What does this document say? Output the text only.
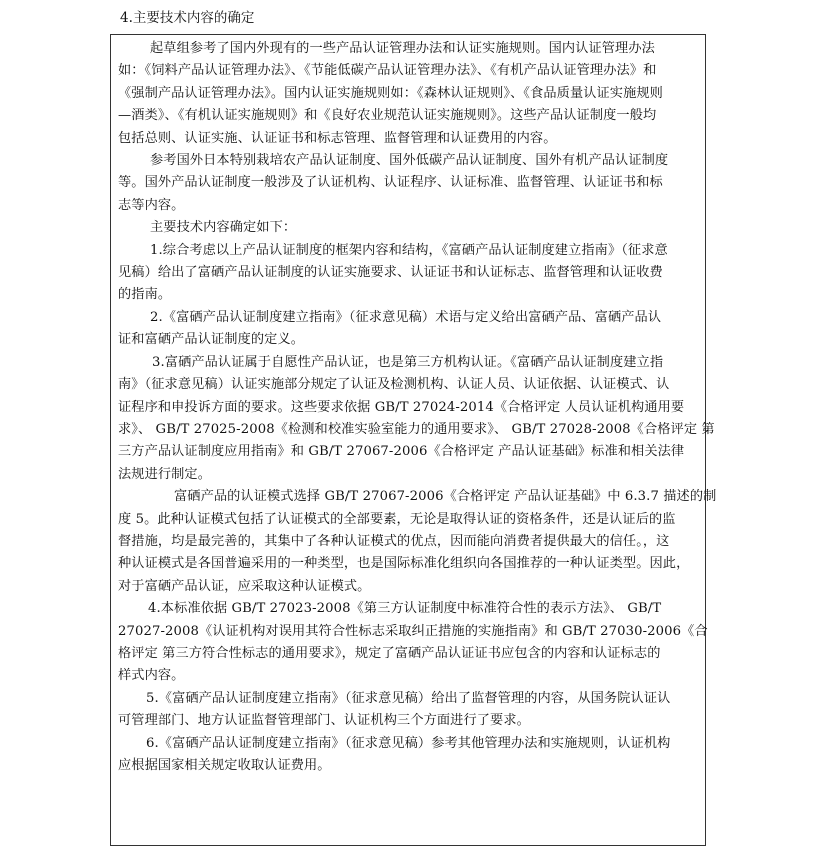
4.主要技术内容的确定

起草组参考了国内外现有的一些产品认证管理办法和认证实施规则。国内认证管理办法
如：《饲料产品认证管理办法》、《节能低碳产品认证管理办法》、《有机产品认证管理办法》和
《强制产品认证管理办法》。国内认证实施规则如：《森林认证规则》、《食品质量认证实施规则
—酒类》、《有机认证实施规则》和《良好农业规范认证实施规则》。这些产品认证制度一般均
包括总则、认证实施、认证证书和标志管理、监督管理和认证费用的内容。

参考国外日本特别栽培农产品认证制度、国外低碳产品认证制度、国外有机产品认证制度
等。国外产品认证制度一般涉及了认证机构、认证程序、认证标准、监督管理、认证证书和标
志等内容。

主要技术内容确定如下：

1.综合考虑以上产品认证制度的框架内容和结构，《富硒产品认证制度建立指南》（征求意
见稿）给出了富硒产品认证制度的认证实施要求、认证证书和认证标志、监督管理和认证收费
的指南。

2.《富硒产品认证制度建立指南》（征求意见稿）术语与定义给出富硒产品、富硒产品认
证和富硒产品认证制度的定义。

3.富硒产品认证属于自愿性产品认证，也是第三方机构认证。《富硒产品认证制度建立指
南》（征求意见稿）认证实施部分规定了认证及检测机构、认证人员、认证依据、认证模式、认
证程序和申投诉方面的要求。这些要求依据 GB/T 27024-2014《合格评定 人员认证机构通用要
求》、 GB/T 27025-2008《检测和校准实验室能力的通用要求》、 GB/T 27028-2008《合格评定 第
三方产品认证制度应用指南》和 GB/T 27067-2006《合格评定 产品认证基础》标准和相关法律
法规进行制定。

富硒产品的认证模式选择 GB/T 27067-2006《合格评定 产品认证基础》中 6.3.7 描述的制
度 5。此种认证模式包括了认证模式的全部要素，无论是取得认证的资格条件，还是认证后的监
督措施，均是最完善的，其集中了各种认证模式的优点，因而能向消费者提供最大的信任。，这
种认证模式是各国普遍采用的一种类型，也是国际标准化组织向各国推荐的一种认证类型。因此，
对于富硒产品认证，应采取这种认证模式。

4.本标准依据 GB/T 27023-2008《第三方认证制度中标准符合性的表示方法》、 GB/T
27027-2008《认证机构对误用其符合性标志采取纠正措施的实施指南》和 GB/T 27030-2006《合
格评定 第三方符合性标志的通用要求》，规定了富硒产品认证证书应包含的内容和认证标志的
样式内容。

5.《富硒产品认证制度建立指南》（征求意见稿）给出了监督管理的内容，从国务院认证认
可管理部门、地方认证监督管理部门、认证机构三个方面进行了要求。

6.《富硒产品认证制度建立指南》（征求意见稿）参考其他管理办法和实施规则，认证机构
应根据国家相关规定收取认证费用。
